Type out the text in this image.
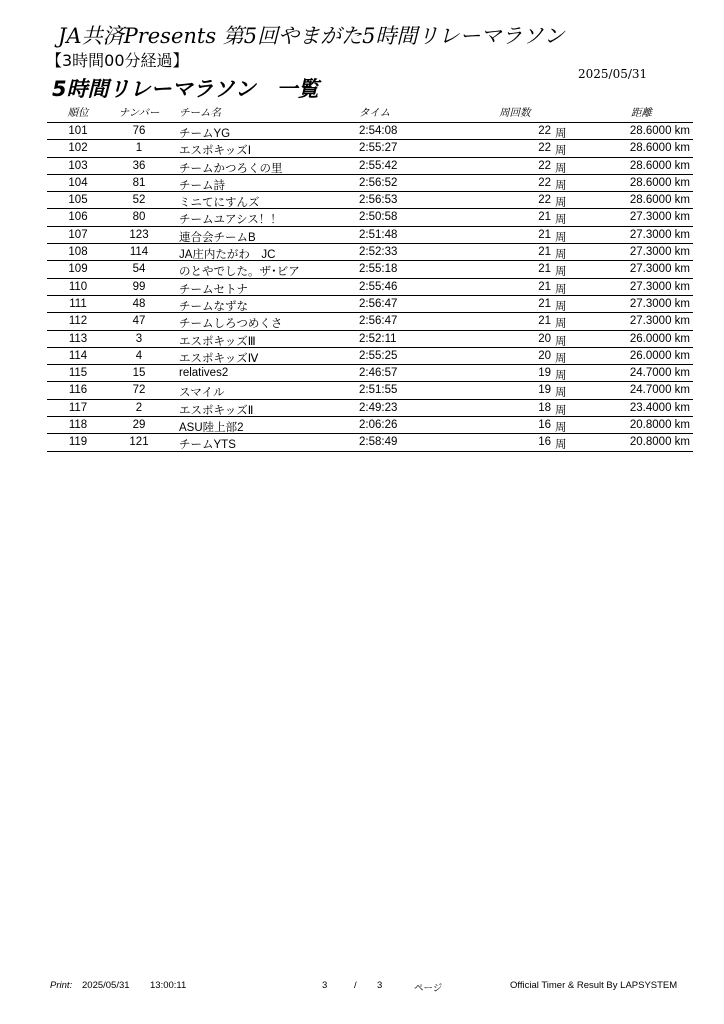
JA共済Presents 第5回やまがた5時間リレーマラソン
【3時間00分経過】
2025/05/31
5時間リレーマラソン　一覧
順位	ナンバー	チーム名	タイム	周回数	距離
101	76	チームYG	2:54:08	22 周	28.6000 km
102	1	エスポキッズⅠ	2:55:27	22 周	28.6000 km
103	36	チームかつろくの里	2:55:42	22 周	28.6000 km
104	81	チーム詩	2:56:52	22 周	28.6000 km
105	52	ミニてにすんズ	2:56:53	22 周	28.6000 km
106	80	チームユアシス！！	2:50:58	21 周	27.3000 km
107	123	連合会チームB	2:51:48	21 周	27.3000 km
108	114	JA庄内たがわ　JC	2:52:33	21 周	27.3000 km
109	54	のとやでした。ザ･ビア	2:55:18	21 周	27.3000 km
110	99	チームセトナ	2:55:46	21 周	27.3000 km
111	48	チームなずな	2:56:47	21 周	27.3000 km
112	47	チームしろつめくさ	2:56:47	21 周	27.3000 km
113	3	エスポキッズⅢ	2:52:11	20 周	26.0000 km
114	4	エスポキッズⅣ	2:55:25	20 周	26.0000 km
115	15	relatives2	2:46:57	19 周	24.7000 km
116	72	スマイル	2:51:55	19 周	24.7000 km
117	2	エスポキッズⅡ	2:49:23	18 周	23.4000 km
118	29	ASU陸上部2	2:06:26	16 周	20.8000 km
119	121	チームYTS	2:58:49	16 周	20.8000 km
Print: 2025/05/31 13:00:11	3	/ 3	ページ	Official Timer & Result By LAPSYSTEM
